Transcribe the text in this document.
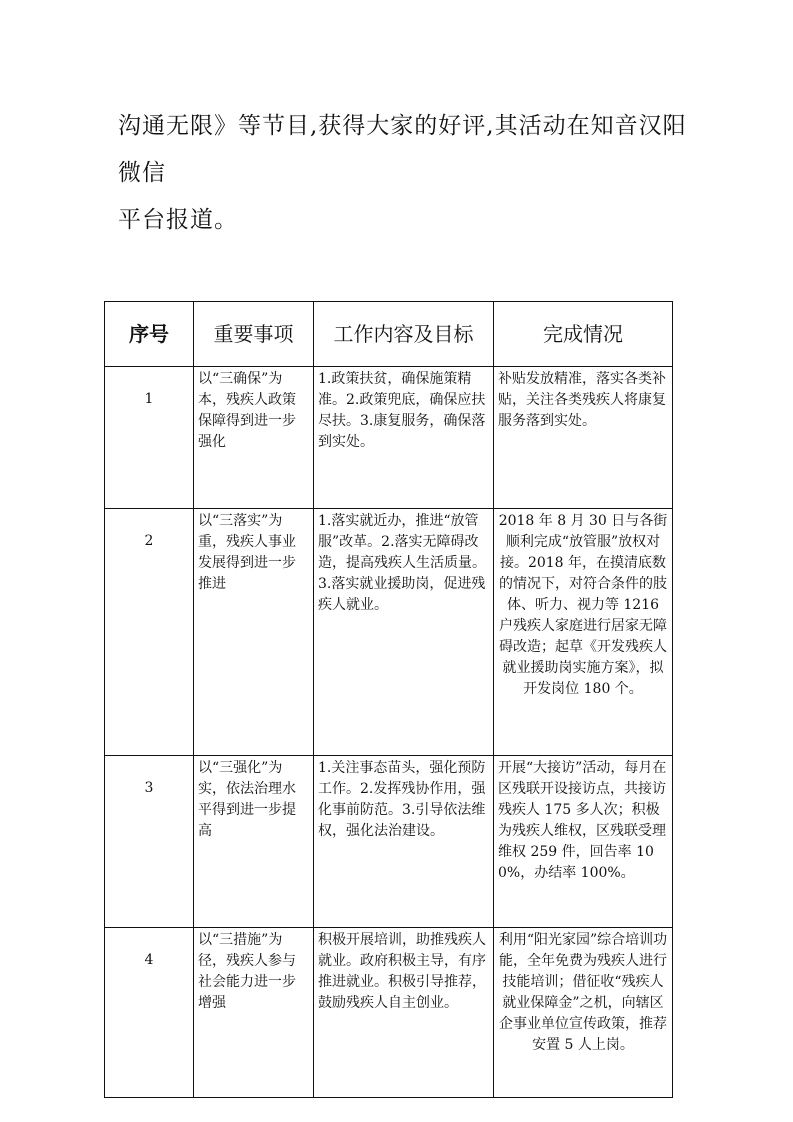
沟通无限》等节目,获得大家的好评,其活动在知音汉阳微信

平台报道。

序号	重要事项	工作内容及目标	完成情况
1	以“三确保”为本，残疾人政策保障得到进一步强化	1.政策扶贫，确保施策精准。2.政策兜底，确保应扶尽扶。3.康复服务，确保落到实处。	补贴发放精准，落实各类补贴，关注各类残疾人将康复服务落到实处。
2	以“三落实”为重，残疾人事业发展得到进一步推进	1.落实就近办，推进“放管服”改革。2.落实无障碍改造，提高残疾人生活质量。3.落实就业援助岗，促进残疾人就业。	2018 年 8 月 30 日与各街顺利完成“放管服”放权对接。2018 年，在摸清底数的情况下，对符合条件的肢体、听力、视力等 1216 户残疾人家庭进行居家无障碍改造；起草《开发残疾人就业援助岗实施方案》，拟开发岗位 180 个。
3	以“三强化”为实，依法治理水平得到进一步提高	1.关注事态苗头，强化预防工作。2.发挥残协作用，强化事前防范。3.引导依法维权，强化法治建设。	开展“大接访”活动，每月在区残联开设接访点，共接访残疾人 175 多人次；积极为残疾人维权，区残联受理维权 259 件，回告率 100%，办结率 100%。
4	以“三措施”为径，残疾人参与社会能力进一步增强	积极开展培训，助推残疾人就业。政府积极主导，有序推进就业。积极引导推荐，鼓励残疾人自主创业。	利用“阳光家园”综合培训功能，全年免费为残疾人进行技能培训；借征收“残疾人就业保障金”之机，向辖区企事业单位宣传政策，推荐安置 5 人上岗。
